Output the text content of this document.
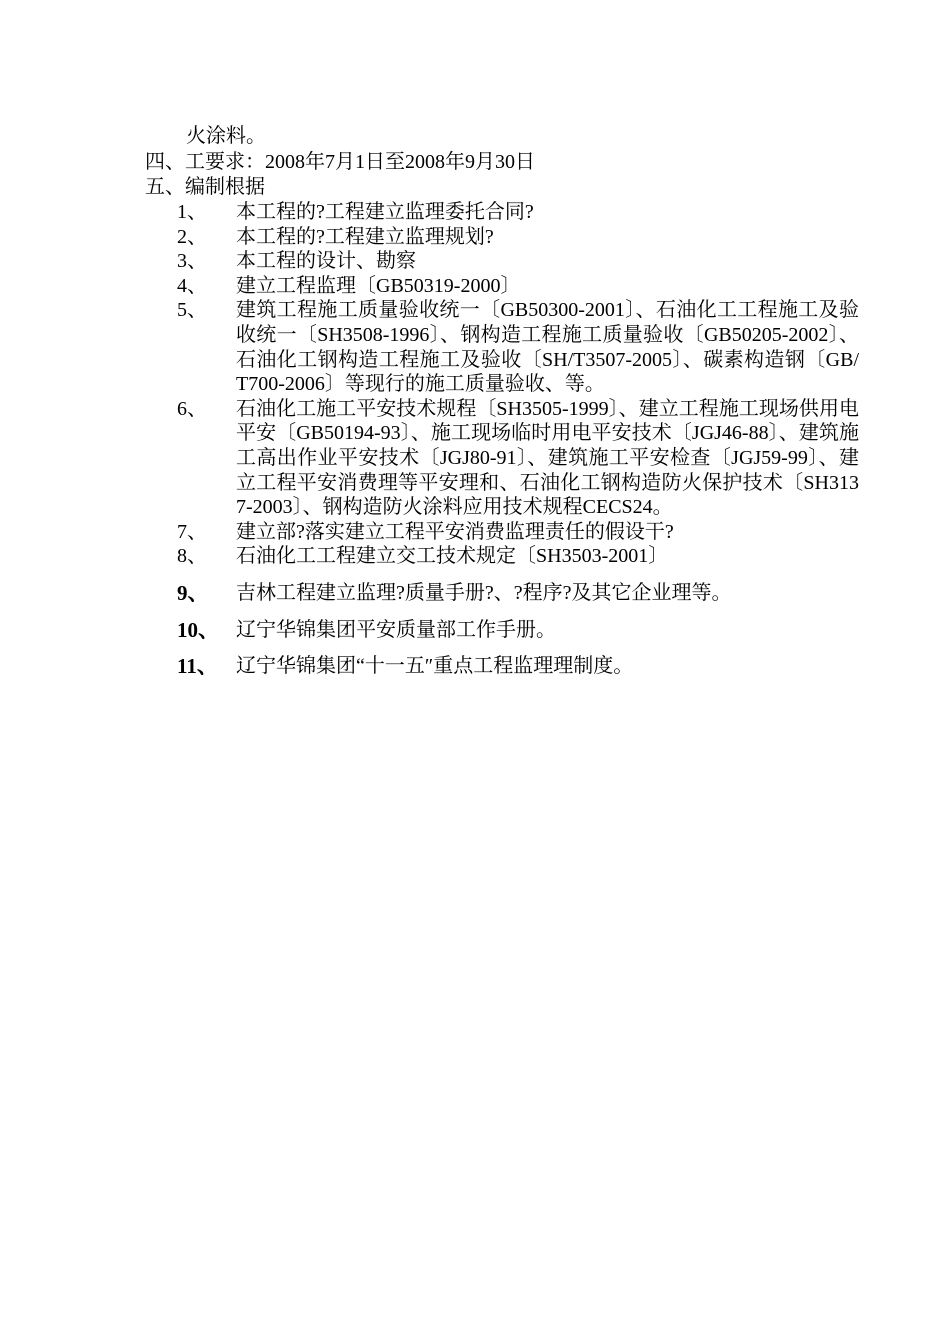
火涂料。
四、工要求：2008年7月1日至2008年9月30日
五、编制根据
1、 本工程的?工程建立监理委托合同?
2、 本工程的?工程建立监理规划?
3、 本工程的设计、勘察
4、 建立工程监理〔GB50319-2000〕
5、 建筑工程施工质量验收统一〔GB50300-2001〕、石油化工工程施工及验收统一〔SH3508-1996〕、钢构造工程施工质量验收〔GB50205-2002〕、石油化工钢构造工程施工及验收〔SH/T3507-2005〕、碳素构造钢〔GB/T700-2006〕等现行的施工质量验收、等。
6、 石油化工施工平安技术规程〔SH3505-1999〕、建立工程施工现场供用电平安〔GB50194-93〕、施工现场临时用电平安技术〔JGJ46-88〕、建筑施工高出作业平安技术〔JGJ80-91〕、建筑施工平安检查〔JGJ59-99〕、建立工程平安消费理等平安理和、石油化工钢构造防火保护技术〔SH3137-2003〕、钢构造防火涂料应用技术规程CECS24。
7、 建立部?落实建立工程平安消费监理责任的假设干?
8、 石油化工工程建立交工技术规定〔SH3503-2001〕
9、 吉林工程建立监理?质量手册?、?程序?及其它企业理等。
10、 辽宁华锦集团平安质量部工作手册。
11、 辽宁华锦集团“十一五″重点工程监理理制度。
